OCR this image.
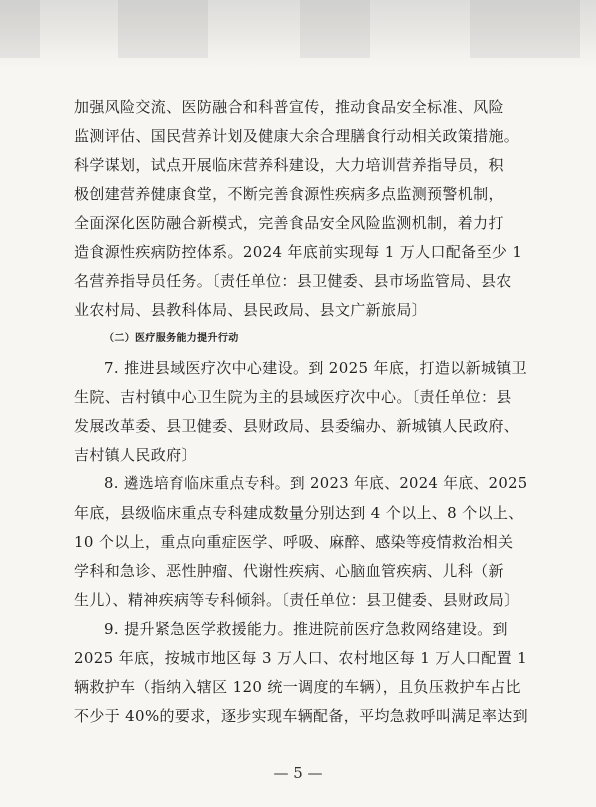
加强风险交流、医防融合和科普宣传，推动食品安全标准、风险
监测评估、国民营养计划及健康大余合理膳食行动相关政策措施。
科学谋划，试点开展临床营养科建设，大力培训营养指导员，积
极创建营养健康食堂，不断完善食源性疾病多点监测预警机制，
全面深化医防融合新模式，完善食品安全风险监测机制，着力打
造食源性疾病防控体系。2024 年底前实现每 1 万人口配备至少 1
名营养指导员任务。〔责任单位：县卫健委、县市场监管局、县农
业农村局、县教科体局、县民政局、县文广新旅局〕
（二）医疗服务能力提升行动
7. 推进县域医疗次中心建设。到 2025 年底，打造以新城镇卫
生院、吉村镇中心卫生院为主的县域医疗次中心。〔责任单位：县
发展改革委、县卫健委、县财政局、县委编办、新城镇人民政府、
吉村镇人民政府〕
8. 遴选培育临床重点专科。到 2023 年底、2024 年底、2025
年底，县级临床重点专科建成数量分别达到 4 个以上、8 个以上、
10 个以上，重点向重症医学、呼吸、麻醉、感染等疫情救治相关
学科和急诊、恶性肿瘤、代谢性疾病、心脑血管疾病、儿科（新
生儿）、精神疾病等专科倾斜。〔责任单位：县卫健委、县财政局〕
9. 提升紧急医学救援能力。推进院前医疗急救网络建设。到
2025 年底，按城市地区每 3 万人口、农村地区每 1 万人口配置 1
辆救护车（指纳入辖区 120 统一调度的车辆），且负压救护车占比
不少于 40%的要求，逐步实现车辆配备，平均急救呼叫满足率达到
— 5 —
